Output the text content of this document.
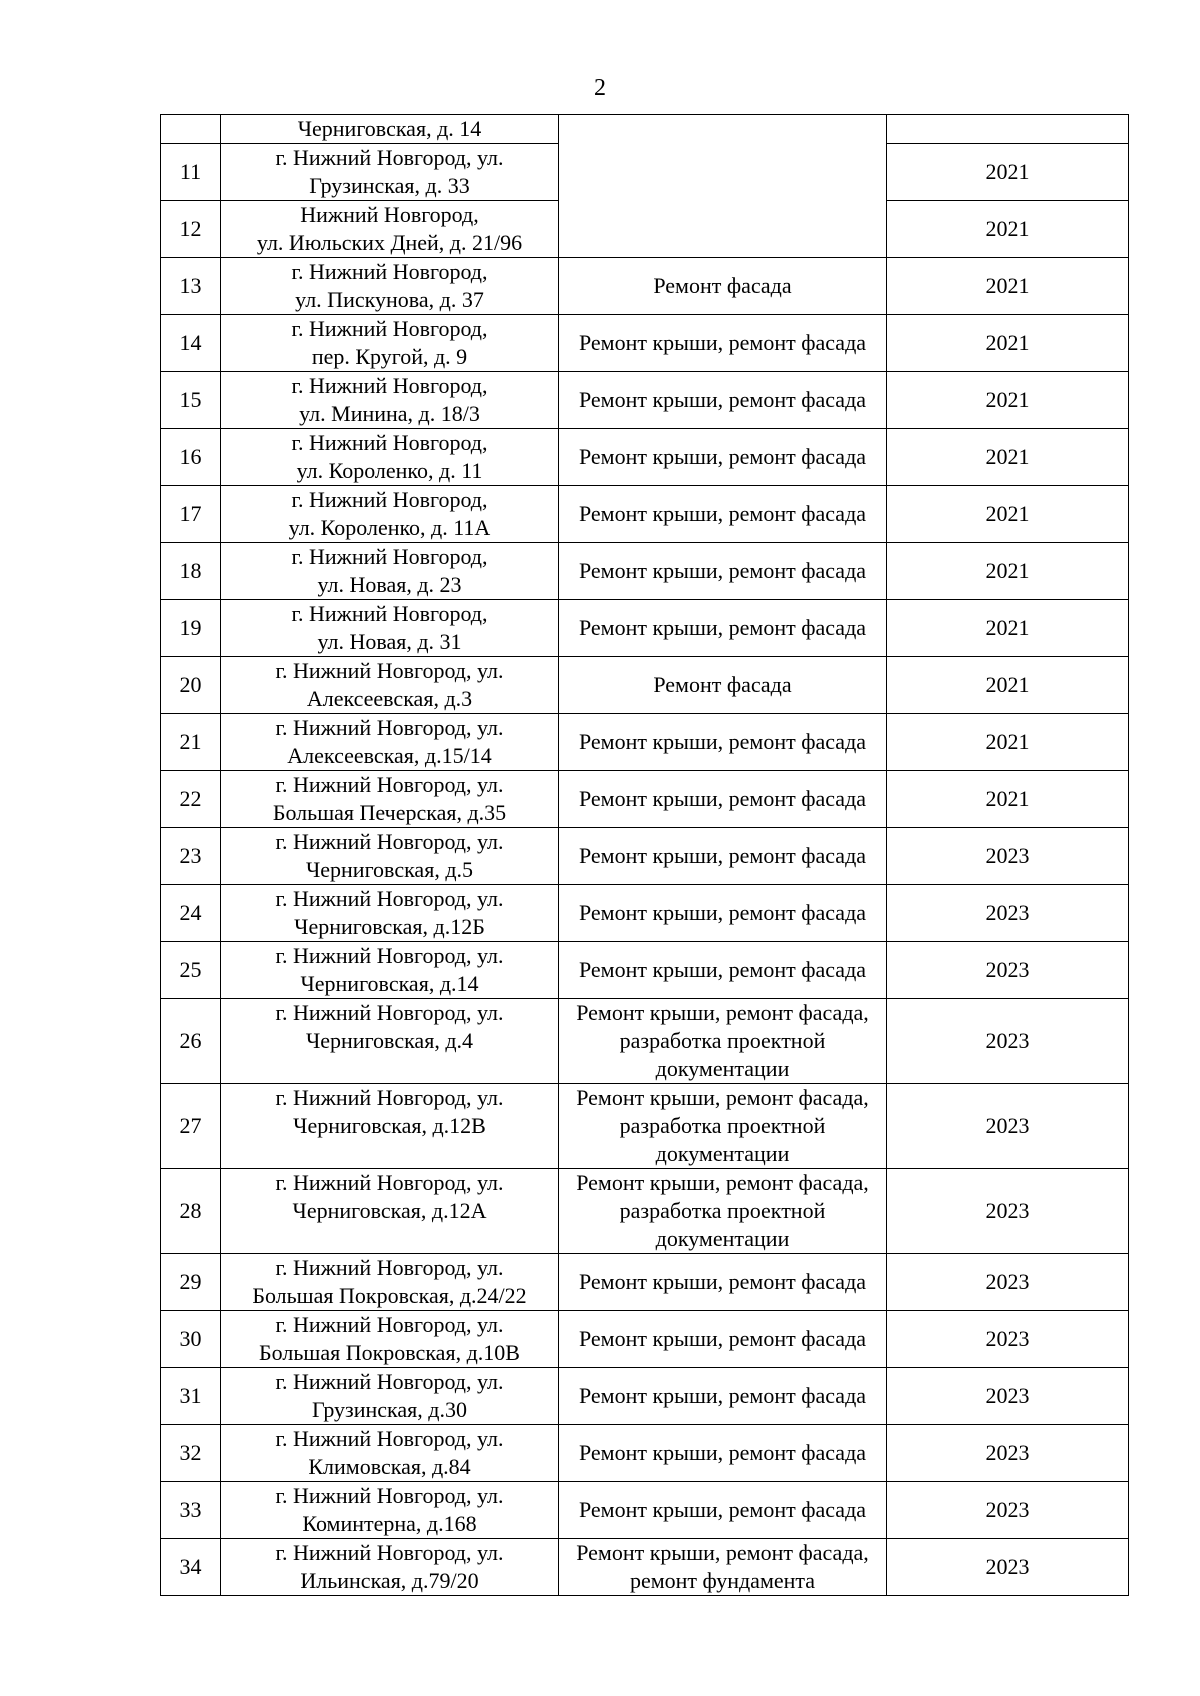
2

	Черниговская, д. 14		

11	г. Нижний Новгород, ул.
Грузинская, д. 33		2021
12	Нижний Новгород,
ул. Июльских Дней, д. 21/96		2021
13	г. Нижний Новгород,
ул. Пискунова, д. 37	Ремонт фасада	2021
14	г. Нижний Новгород,
пер. Кругой, д. 9	Ремонт крыши, ремонт фасада	2021
15	г. Нижний Новгород,
ул. Минина, д. 18/3	Ремонт крыши, ремонт фасада	2021
16	г. Нижний Новгород,
ул. Короленко, д. 11	Ремонт крыши, ремонт фасада	2021
17	г. Нижний Новгород,
ул. Короленко, д. 11А	Ремонт крыши, ремонт фасада	2021
18	г. Нижний Новгород,
ул. Новая, д. 23	Ремонт крыши, ремонт фасада	2021
19	г. Нижний Новгород,
ул. Новая, д. 31	Ремонт крыши, ремонт фасада	2021
20	г. Нижний Новгород, ул.
Алексеевская, д.3	Ремонт фасада	2021
21	г. Нижний Новгород, ул.
Алексеевская, д.15/14	Ремонт крыши, ремонт фасада	2021
22	г. Нижний Новгород, ул.
Большая Печерская, д.35	Ремонт крыши, ремонт фасада	2021
23	г. Нижний Новгород, ул.
Черниговская, д.5	Ремонт крыши, ремонт фасада	2023
24	г. Нижний Новгород, ул.
Черниговская, д.12Б	Ремонт крыши, ремонт фасада	2023
25	г. Нижний Новгород, ул.
Черниговская, д.14	Ремонт крыши, ремонт фасада	2023
26	г. Нижний Новгород, ул.
Черниговская, д.4	Ремонт крыши, ремонт фасада,
разработка проектной
документации	2023
27	г. Нижний Новгород, ул.
Черниговская, д.12В	Ремонт крыши, ремонт фасада,
разработка проектной
документации	2023
28	г. Нижний Новгород, ул.
Черниговская, д.12А	Ремонт крыши, ремонт фасада,
разработка проектной
документации	2023
29	г. Нижний Новгород, ул.
Большая Покровская, д.24/22	Ремонт крыши, ремонт фасада	2023
30	г. Нижний Новгород, ул.
Большая Покровская, д.10В	Ремонт крыши, ремонт фасада	2023
31	г. Нижний Новгород, ул.
Грузинская, д.30	Ремонт крыши, ремонт фасада	2023
32	г. Нижний Новгород, ул.
Климовская, д.84	Ремонт крыши, ремонт фасада	2023
33	г. Нижний Новгород, ул.
Коминтерна, д.168	Ремонт крыши, ремонт фасада	2023
34	г. Нижний Новгород, ул.
Ильинская, д.79/20	Ремонт крыши, ремонт фасада,
ремонт фундамента	2023
